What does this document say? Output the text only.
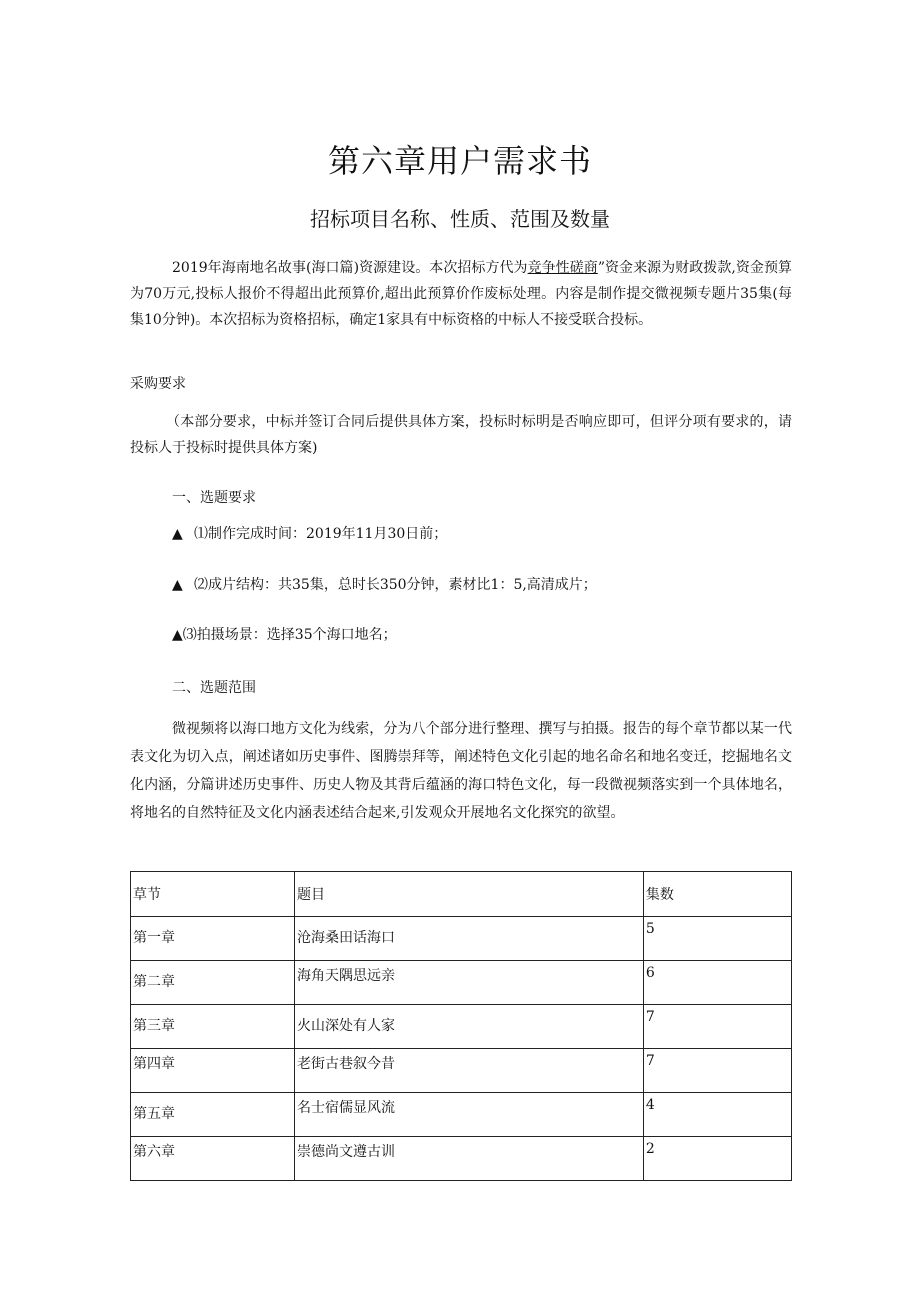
第六章用户需求书
招标项目名称、性质、范围及数量

2019年海南地名故事(海口篇)资源建设。本次招标方代为竞争性磋商”资金来源为财政拨款,资金预算为70万元,投标人报价不得超出此预算价,超出此预算价作废标处理。内容是制作提交微视频专题片35集(每集10分钟)。本次招标为资格招标，确定1家具有中标资格的中标人不接受联合投标。

采购要求

（本部分要求，中标并签订合同后提供具体方案，投标时标明是否响应即可，但评分项有要求的，请投标人于投标时提供具体方案)

一、选题要求

▲ ⑴制作完成时间：2019年11月30日前；

▲ ⑵成片结构：共35集，总时长350分钟，素材比1：5,高清成片；

▲⑶拍摄场景：选择35个海口地名；

二、选题范围

微视频将以海口地方文化为线索，分为八个部分进行整理、撰写与拍摄。报告的每个章节都以某一代表文化为切入点，阐述诸如历史事件、图腾崇拜等，阐述特色文化引起的地名命名和地名变迁，挖掘地名文化内涵，分篇讲述历史事件、历史人物及其背后蕴涵的海口特色文化，每一段微视频落实到一个具体地名，将地名的自然特征及文化内涵表述结合起来,引发观众开展地名文化探究的欲望。

草节	题目	集数

第一章	沧海桑田话海口	5

第二章	海角天隅思远亲	6

第三章	火山深处有人家	7

第四章	老街古巷叙今昔	7

第五章	名士宿儒显风流	4

第六章	崇德尚文遵古训	2
